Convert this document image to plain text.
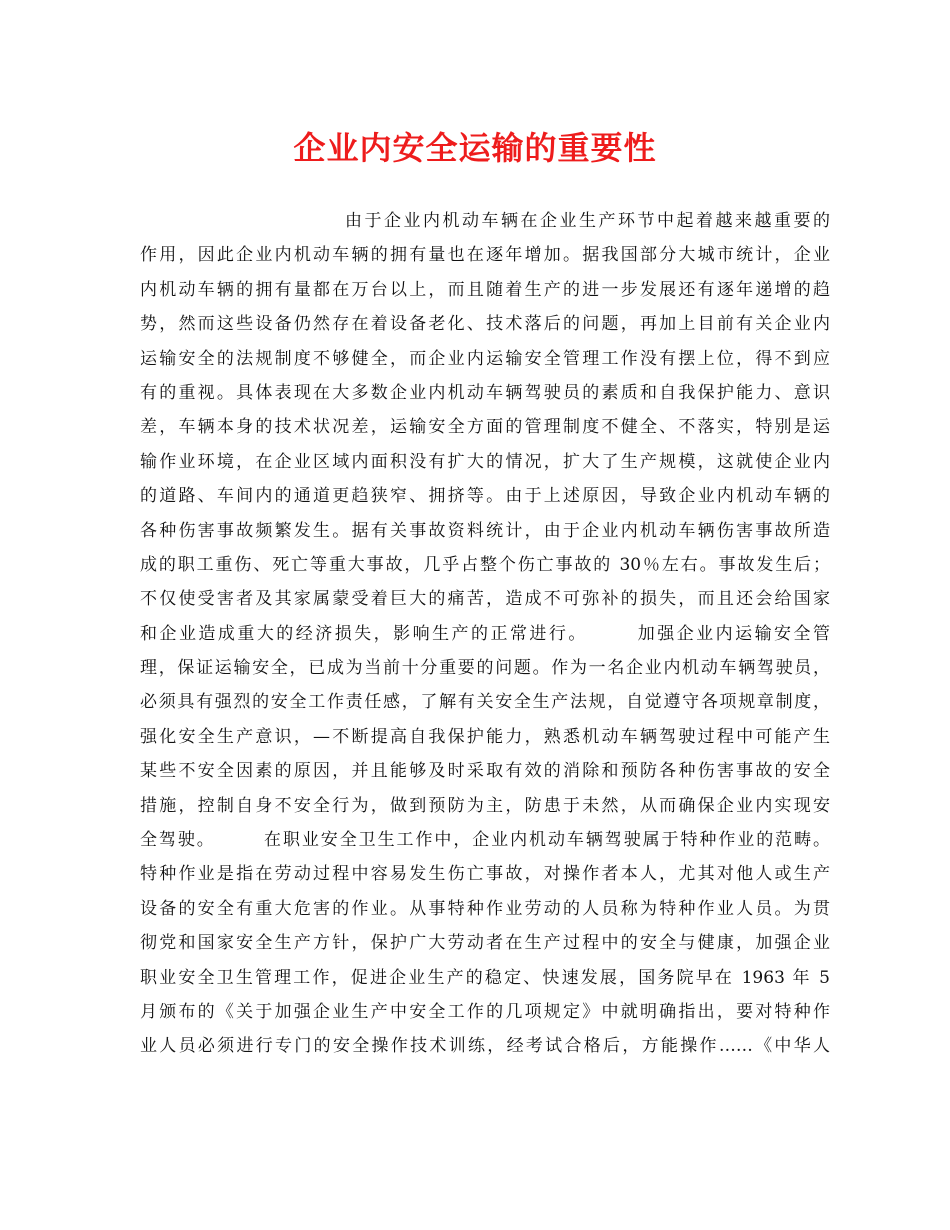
企业内安全运输的重要性
由于企业内机动车辆在企业生产环节中起着越来越重要的
作用，因此企业内机动车辆的拥有量也在逐年增加。据我国部分大城市统计，企业
内机动车辆的拥有量都在万台以上，而且随着生产的进一步发展还有逐年递增的趋
势，然而这些设备仍然存在着设备老化、技术落后的问题，再加上目前有关企业内
运输安全的法规制度不够健全，而企业内运输安全管理工作没有摆上位，得不到应
有的重视。具体表现在大多数企业内机动车辆驾驶员的素质和自我保护能力、意识
差，车辆本身的技术状况差，运输安全方面的管理制度不健全、不落实，特别是运
输作业环境，在企业区域内面积没有扩大的情况，扩大了生产规模，这就使企业内
的道路、车间内的通道更趋狭窄、拥挤等。由于上述原因，导致企业内机动车辆的
各种伤害事故频繁发生。据有关事故资料统计，由于企业内机动车辆伤害事故所造
成的职工重伤、死亡等重大事故，几乎占整个伤亡事故的 30％左右。事故发生后；
不仅使受害者及其家属蒙受着巨大的痛苦，造成不可弥补的损失，而且还会给国家
和企业造成重大的经济损失，影响生产的正常进行。　　　加强企业内运输安全管
理，保证运输安全，已成为当前十分重要的问题。作为一名企业内机动车辆驾驶员，
必须具有强烈的安全工作责任感，了解有关安全生产法规，自觉遵守各项规章制度，
强化安全生产意识，—不断提高自我保护能力，熟悉机动车辆驾驶过程中可能产生
某些不安全因素的原因，并且能够及时采取有效的消除和预防各种伤害事故的安全
措施，控制自身不安全行为，做到预防为主，防患于未然，从而确保企业内实现安
全驾驶。　　　在职业安全卫生工作中，企业内机动车辆驾驶属于特种作业的范畴。
特种作业是指在劳动过程中容易发生伤亡事故，对操作者本人，尤其对他人或生产
设备的安全有重大危害的作业。从事特种作业劳动的人员称为特种作业人员。为贯
彻党和国家安全生产方针，保护广大劳动者在生产过程中的安全与健康，加强企业
职业安全卫生管理工作，促进企业生产的稳定、快速发展，国务院早在 1963 年 5
月颁布的《关于加强企业生产中安全工作的几项规定》中就明确指出，要对特种作
业人员必须进行专门的安全操作技术训练，经考试合格后，方能操作……《中华人
